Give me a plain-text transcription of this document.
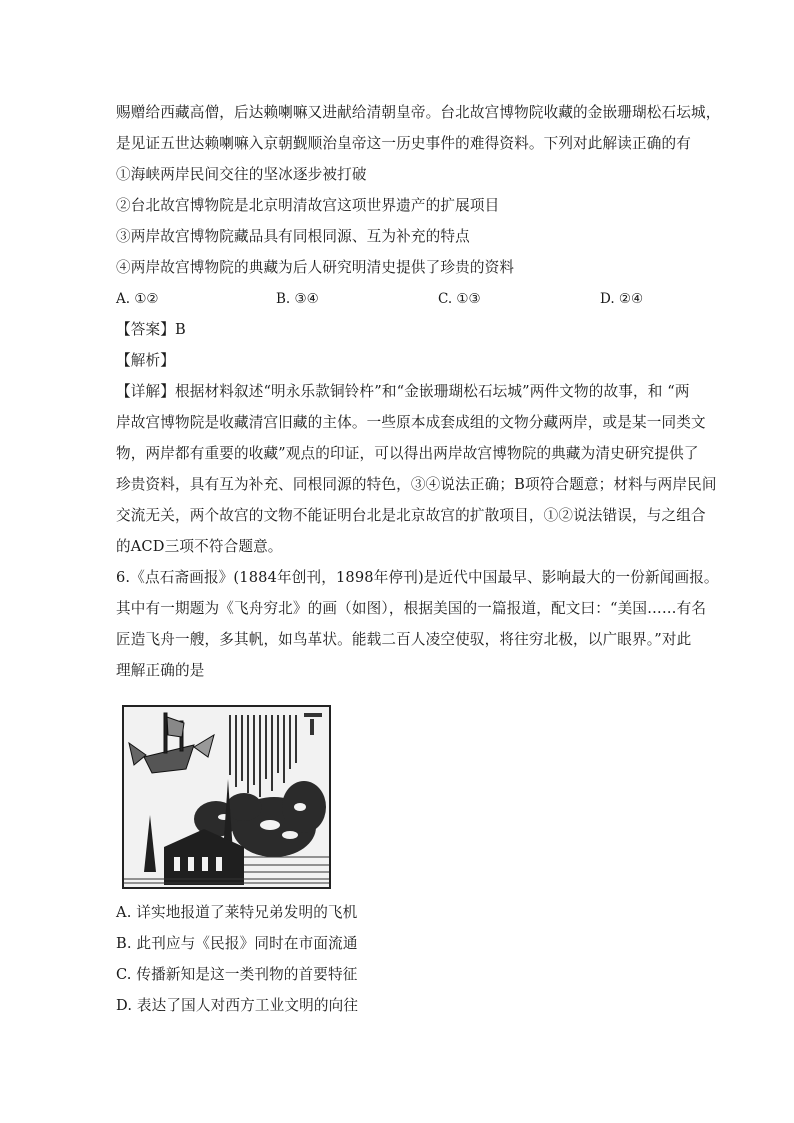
赐赠给西藏高僧，后达赖喇嘛又进献给清朝皇帝。台北故宫博物院收藏的金嵌珊瑚松石坛城，
是见证五世达赖喇嘛入京朝觐顺治皇帝这一历史事件的难得资料。下列对此解读正确的有
①海峡两岸民间交往的坚冰逐步被打破
②台北故宫博物院是北京明清故宫这项世界遗产的扩展项目
③两岸故宫博物院藏品具有同根同源、互为补充的特点
④两岸故宫博物院的典藏为后人研究明清史提供了珍贵的资料
A. ①②	B. ③④	C. ①③	D. ②④
【答案】B
【解析】
【详解】根据材料叙述“明永乐款铜铃杵”和“金嵌珊瑚松石坛城”两件文物的故事，和 “两
岸故宫博物院是收藏清宫旧藏的主体。一些原本成套成组的文物分藏两岸，或是某一同类文
物，两岸都有重要的收藏”观点的印证，可以得出两岸故宫博物院的典藏为清史研究提供了
珍贵资料，具有互为补充、同根同源的特色，③④说法正确；B项符合题意；材料与两岸民间
交流无关，两个故宫的文物不能证明台北是北京故宫的扩散项目，①②说法错误，与之组合
的ACD三项不符合题意。
6.《点石斋画报》(1884年创刊，1898年停刊)是近代中国最早、影响最大的一份新闻画报。
其中有一期题为《飞舟穷北》的画（如图），根据美国的一篇报道，配文曰：“美国……有名
匠造飞舟一艘，多其帆，如鸟革状。能载二百人凌空使驭，将往穷北极，以广眼界。”对此
理解正确的是
A. 详实地报道了莱特兄弟发明的飞机
B. 此刊应与《民报》同时在市面流通
C. 传播新知是这一类刊物的首要特征
D. 表达了国人对西方工业文明的向往
